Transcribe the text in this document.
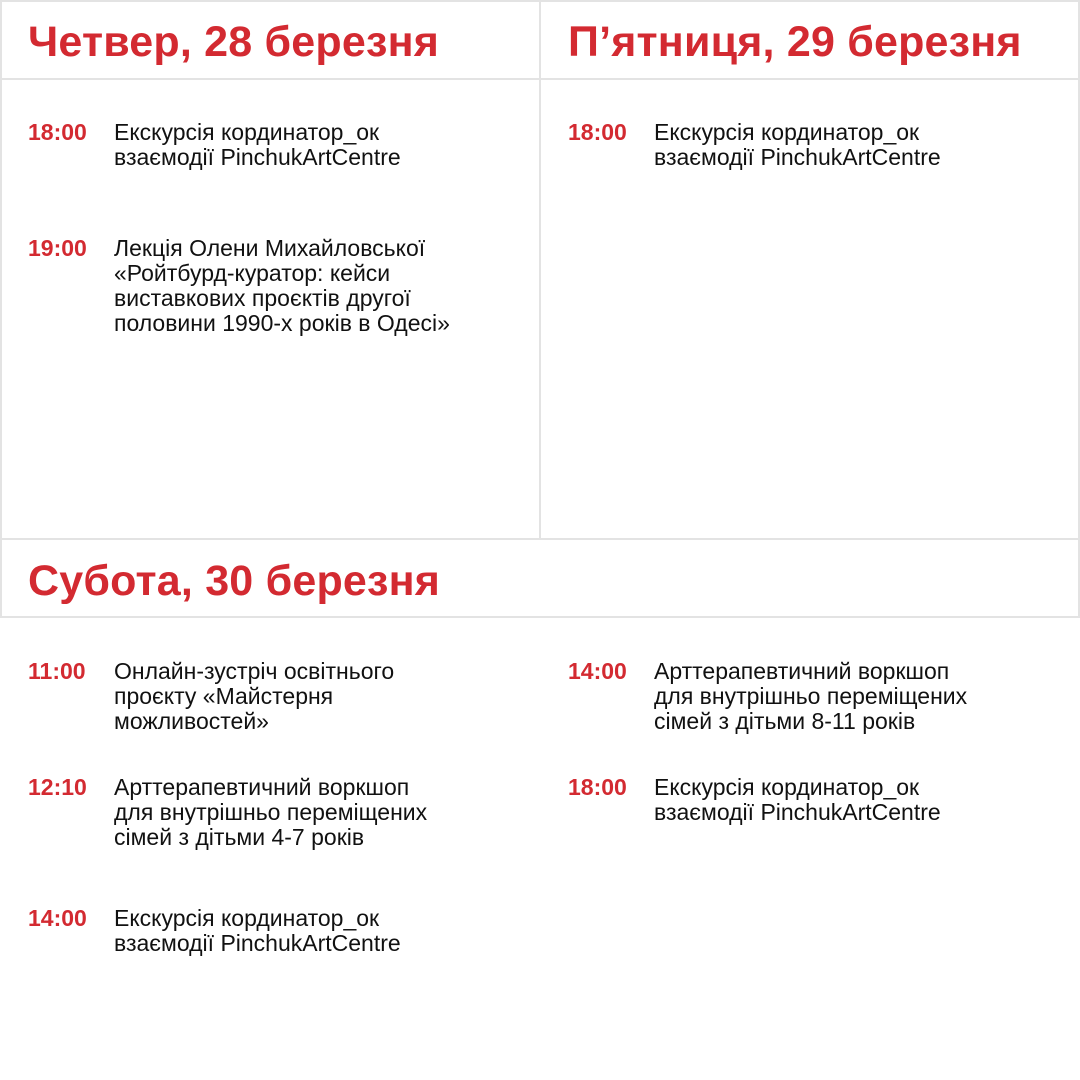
Четвер, 28 березня
18:00	Екскурсія кординатор_ок
взаємодії PinchukArtCentre
19:00	Лекція Олени Михайловської
«Ройтбурд-куратор: кейси
виставкових проєктів другої
половини 1990-х років в Одесі»
П’ятниця, 29 березня
18:00	Екскурсія кординатор_ок
взаємодії PinchukArtCentre
Субота, 30 березня
11:00	Онлайн-зустріч освітнього
проєкту «Майстерня
можливостей»
12:10	Арттерапевтичний воркшоп
для внутрішньо переміщених
сімей з дітьми 4-7 років
14:00	Екскурсія кординатор_ок
взаємодії PinchukArtCentre
14:00	Арттерапевтичний воркшоп
для внутрішньо переміщених
сімей з дітьми 8-11 років
18:00	Екскурсія кординатор_ок
взаємодії PinchukArtCentre
